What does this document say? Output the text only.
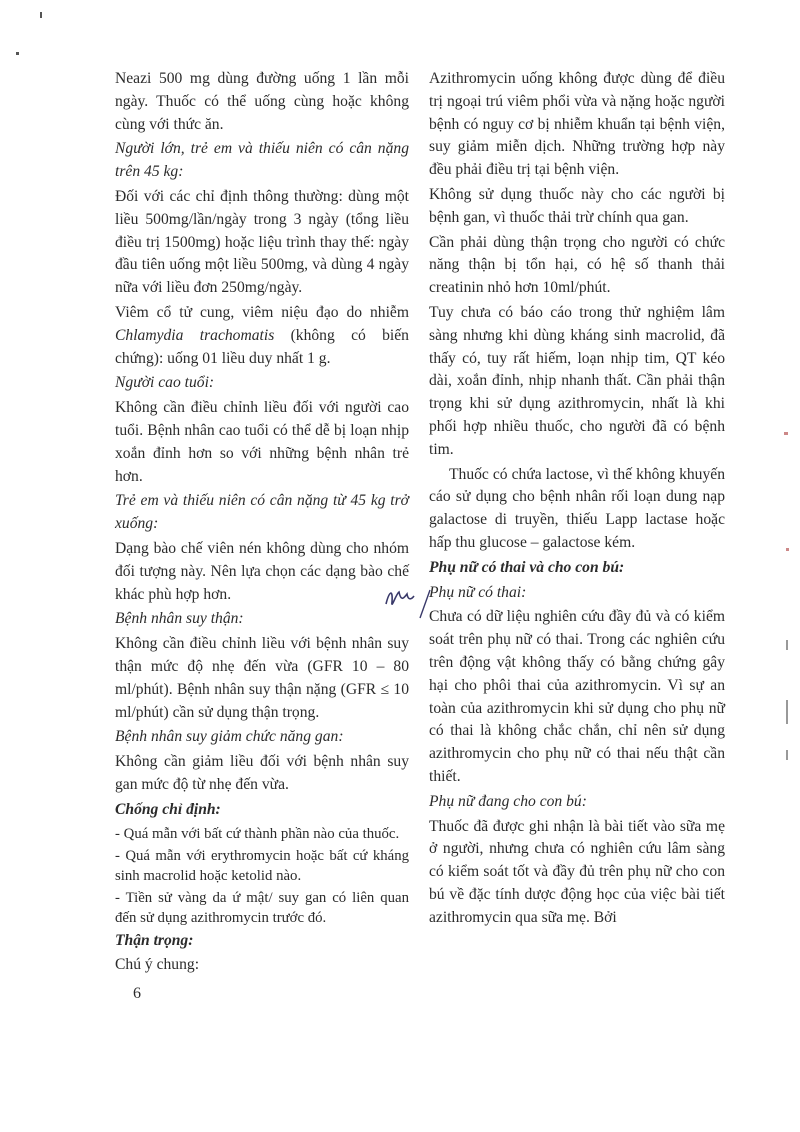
Neazi 500 mg dùng đường uống 1 lần mỗi ngày. Thuốc có thể uống cùng hoặc không cùng với thức ăn.

Người lớn, trẻ em và thiếu niên có cân nặng trên 45 kg:

Đối với các chỉ định thông thường: dùng một liều 500mg/lần/ngày trong 3 ngày (tổng liều điều trị 1500mg) hoặc liệu trình thay thế: ngày đầu tiên uống một liều 500mg, và dùng 4 ngày nữa với liều đơn 250mg/ngày.

Viêm cổ tử cung, viêm niệu đạo do nhiễm Chlamydia trachomatis (không có biến chứng): uống 01 liều duy nhất 1 g.

Người cao tuổi:

Không cần điều chỉnh liều đối với người cao tuổi. Bệnh nhân cao tuổi có thể dễ bị loạn nhịp xoắn đỉnh hơn so với những bệnh nhân trẻ hơn.

Trẻ em và thiếu niên có cân nặng từ 45 kg trở xuống:

Dạng bào chế viên nén không dùng cho nhóm đối tượng này. Nên lựa chọn các dạng bào chế khác phù hợp hơn.

Bệnh nhân suy thận:

Không cần điều chỉnh liều với bệnh nhân suy thận mức độ nhẹ đến vừa (GFR 10 – 80 ml/phút). Bệnh nhân suy thận nặng (GFR ≤ 10 ml/phút) cần sử dụng thận trọng.

Bệnh nhân suy giảm chức năng gan:

Không cần giảm liều đối với bệnh nhân suy gan mức độ từ nhẹ đến vừa.

Chống chỉ định:

- Quá mẫn với bất cứ thành phần nào của thuốc.

- Quá mẫn với erythromycin hoặc bất cứ kháng sinh macrolid hoặc ketolid nào.

- Tiền sử vàng da ứ mật/ suy gan có liên quan đến sử dụng azithromycin trước đó.

Thận trọng:

Chú ý chung:

Azithromycin uống không được dùng để điều trị ngoại trú viêm phổi vừa và nặng hoặc người bệnh có nguy cơ bị nhiễm khuẩn tại bệnh viện, suy giảm miễn dịch. Những trường hợp này đều phải điều trị tại bệnh viện.

Không sử dụng thuốc này cho các người bị bệnh gan, vì thuốc thải trừ chính qua gan.

Cần phải dùng thận trọng cho người có chức năng thận bị tổn hại, có hệ số thanh thải creatinin nhỏ hơn 10ml/phút.

Tuy chưa có báo cáo trong thử nghiệm lâm sàng nhưng khi dùng kháng sinh macrolid, đã thấy có, tuy rất hiếm, loạn nhịp tim, QT kéo dài, xoắn đỉnh, nhịp nhanh thất. Cần phải thận trọng khi sử dụng azithromycin, nhất là khi phối hợp nhiều thuốc, cho người đã có bệnh tim.

Thuốc có chứa lactose, vì thế không khuyến cáo sử dụng cho bệnh nhân rối loạn dung nạp galactose di truyền, thiếu Lapp lactase hoặc hấp thu glucose – galactose kém.

Phụ nữ có thai và cho con bú:

Phụ nữ có thai:

Chưa có dữ liệu nghiên cứu đầy đủ và có kiểm soát trên phụ nữ có thai. Trong các nghiên cứu trên động vật không thấy có bằng chứng gây hại cho phôi thai của azithromycin. Vì sự an toàn của azithromycin khi sử dụng cho phụ nữ có thai là không chắc chắn, chỉ nên sử dụng azithromycin cho phụ nữ có thai nếu thật cần thiết.

Phụ nữ đang cho con bú:

Thuốc đã được ghi nhận là bài tiết vào sữa mẹ ở người, nhưng chưa có nghiên cứu lâm sàng có kiểm soát tốt và đầy đủ trên phụ nữ cho con bú về đặc tính dược động học của việc bài tiết azithromycin qua sữa mẹ. Bởi

6
